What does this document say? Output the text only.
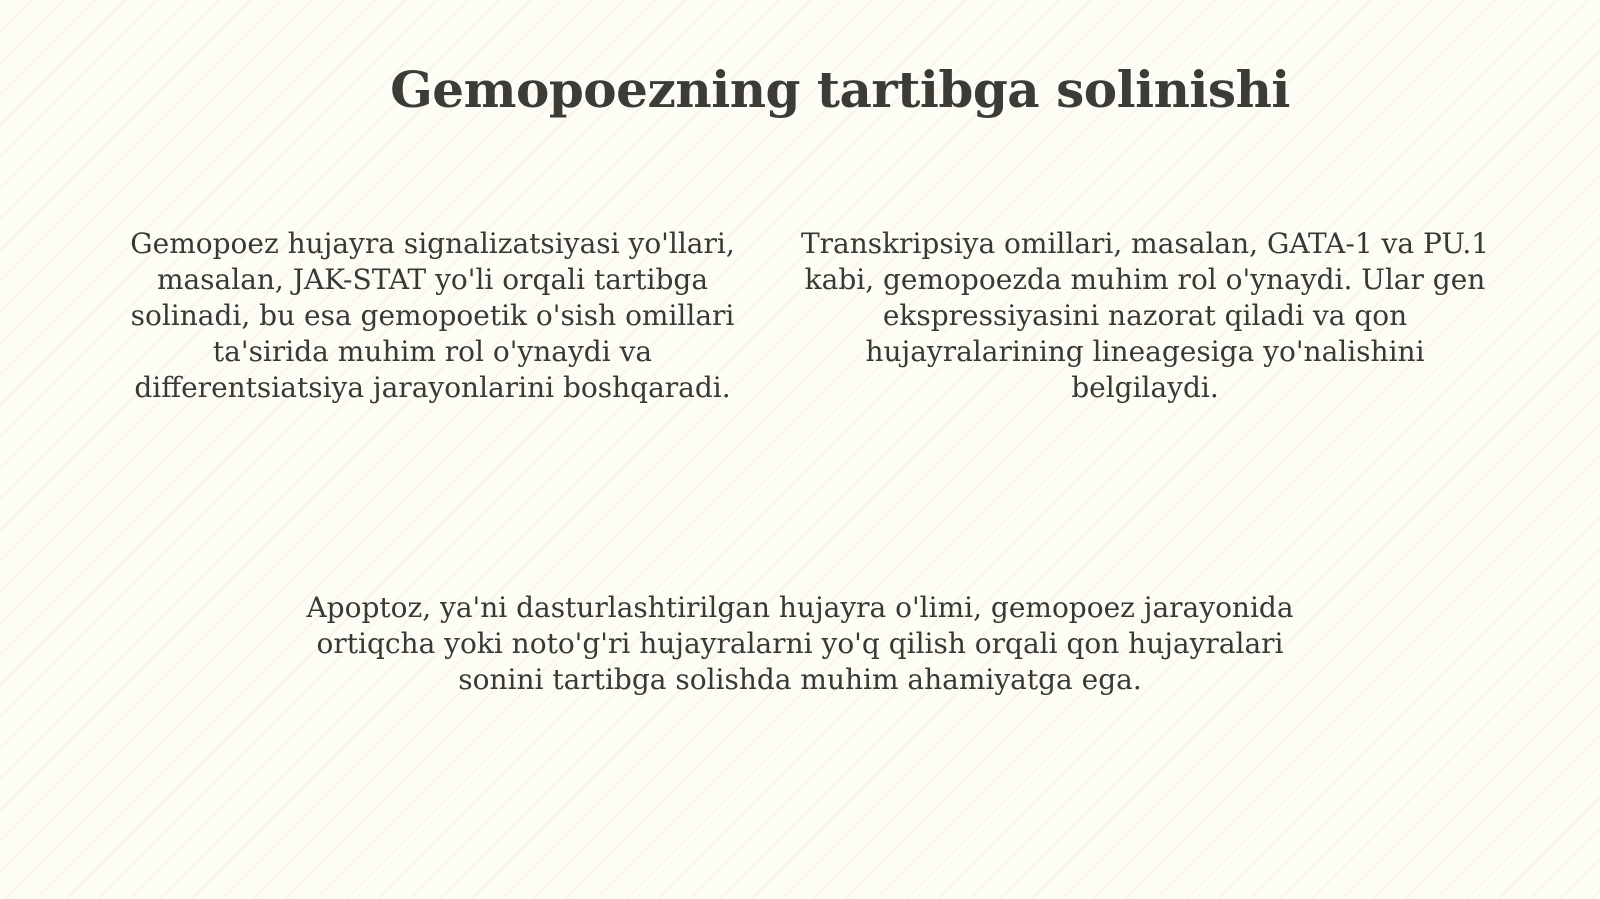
Gemopoezning tartibga solinishi

Gemopoez hujayra signalizatsiyasi yo'llari, masalan, JAK-STAT yo'li orqali tartibga solinadi, bu esa gemopoetik o'sish omillari ta'sirida muhim rol o'ynaydi va differentsiatsiya jarayonlarini boshqaradi.

Transkripsiya omillari, masalan, GATA-1 va PU.1 kabi, gemopoezda muhim rol o'ynaydi. Ular gen ekspressiyasini nazorat qiladi va qon hujayralarining lineagesiga yo'nalishini belgilaydi.

Apoptoz, ya'ni dasturlashtirilgan hujayra o'limi, gemopoez jarayonida ortiqcha yoki noto'g'ri hujayralarni yo'q qilish orqali qon hujayralari sonini tartibga solishda muhim ahamiyatga ega.
